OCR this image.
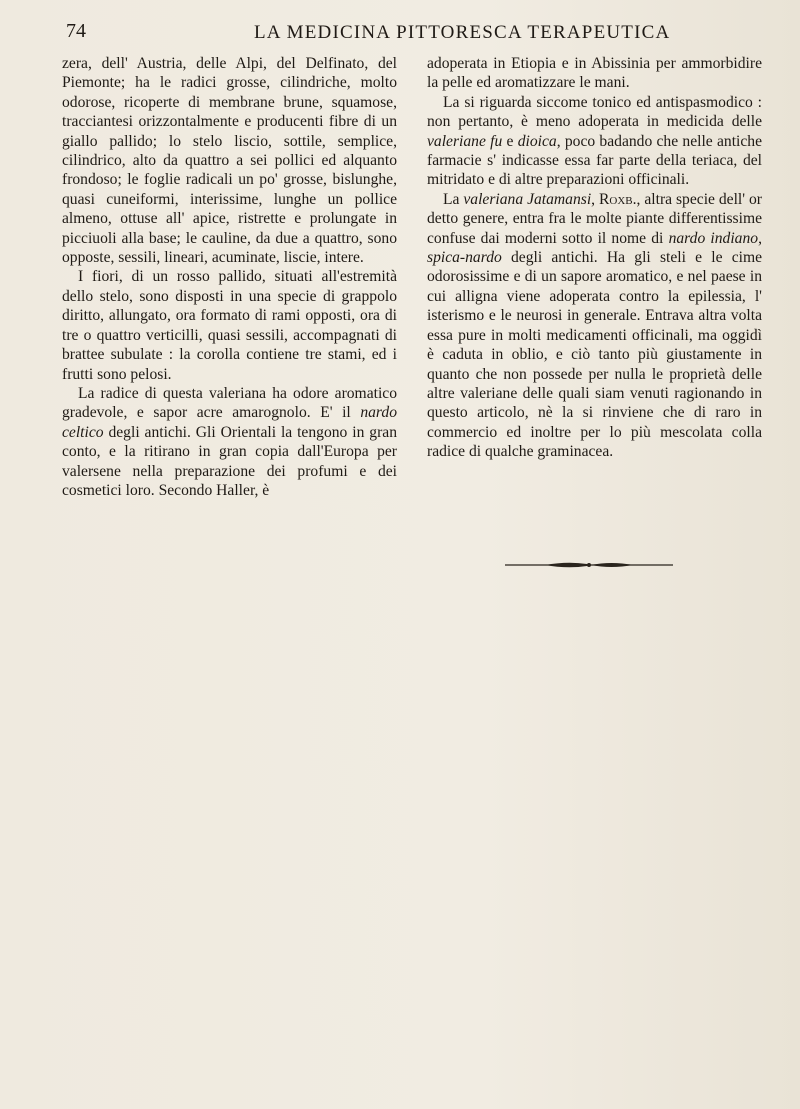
74	LA MEDICINA PITTORESCA TERAPEUTICA

zera, dell' Austria, delle Alpi, del Delfinato, del Piemonte; ha le radici grosse, cilindriche, molto odorose, ricoperte di membrane brune, squamose, tracciantesi orizzontalmente e producenti fibre di un giallo pallido; lo stelo liscio, sottile, semplice, cilindrico, alto da quattro a sei pollici ed alquanto frondoso; le foglie radicali un po' grosse, bislunghe, quasi cuneiformi, interissime, lunghe un pollice almeno, ottuse all' apice, ristrette e prolungate in picciuoli alla base; le cauline, da due a quattro, sono opposte, sessili, lineari, acuminate, liscie, intere.

I fiori, di un rosso pallido, situati all'estremità dello stelo, sono disposti in una specie di grappolo diritto, allungato, ora formato di rami opposti, ora di tre o quattro verticilli, quasi sessili, accompagnati di brattee subulate : la corolla contiene tre stami, ed i frutti sono pelosi.

La radice di questa valeriana ha odore aromatico gradevole, e sapor acre amarognolo. E' il nardo celtico degli antichi. Gli Orientali la tengono in gran conto, e la ritirano in gran copia dall'Europa per valersene nella preparazione dei profumi e dei cosmetici loro. Secondo Haller, è

adoperata in Etiopia e in Abissinia per ammorbidire la pelle ed aromatizzare le mani.

La si riguarda siccome tonico ed antispasmodico : non pertanto, è meno adoperata in medicida delle valeriane fu e dioica, poco badando che nelle antiche farmacie s' indicasse essa far parte della teriaca, del mitridato e di altre preparazioni officinali.

La valeriana Jatamansi, Roxb., altra specie dell' or detto genere, entra fra le molte piante differentissime confuse dai moderni sotto il nome di nardo indiano, spica-nardo degli antichi. Ha gli steli e le cime odorosissime e di un sapore aromatico, e nel paese in cui alligna viene adoperata contro la epilessia, l' isterismo e le neurosi in generale. Entrava altra volta essa pure in molti medicamenti officinali, ma oggidì è caduta in oblio, e ciò tanto più giustamente in quanto che non possede per nulla le proprietà delle altre valeriane delle quali siam venuti ragionando in questo articolo, nè la si rinviene che di raro in commercio ed inoltre per lo più mescolata colla radice di qualche graminacea.
